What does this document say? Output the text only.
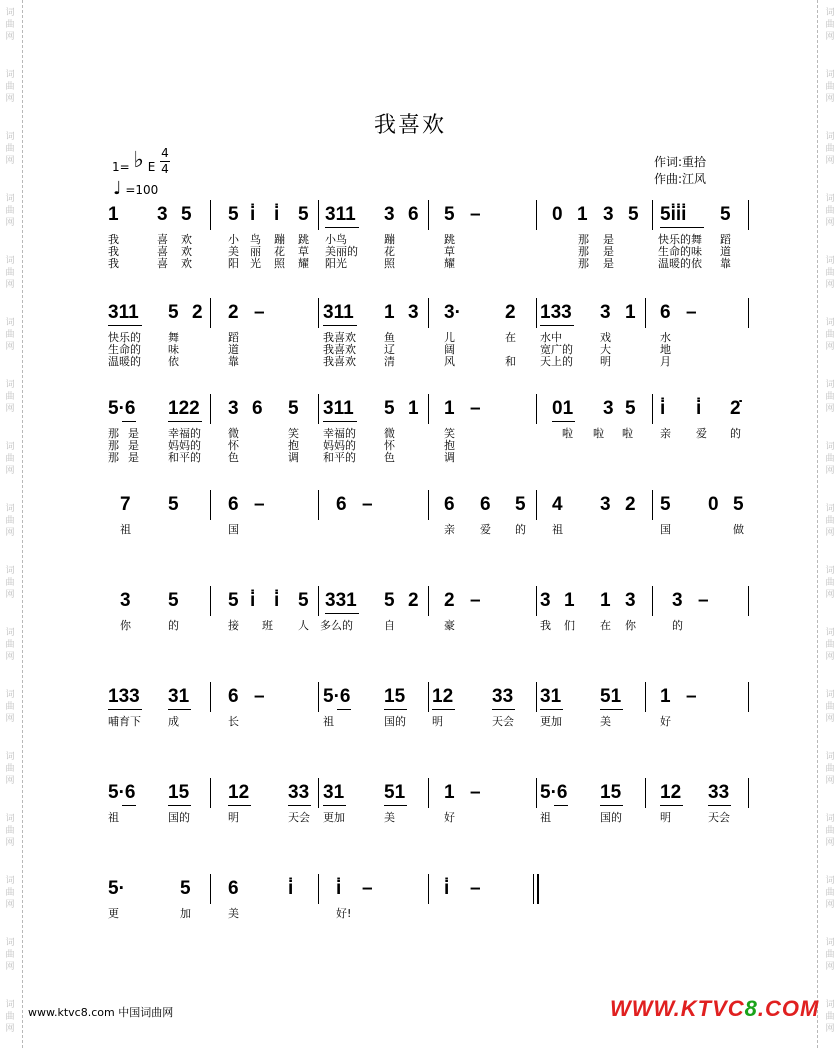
词
曲
网
词
曲
网
词
曲
网
词
曲
网
词
曲
网
词
曲
网
词
曲
网
词
曲
网
词
曲
网
词
曲
网
词
曲
网
词
曲
网
词
曲
网
词
曲
网
词
曲
网
词
曲
网
词
曲
网
词
曲
网
词
曲
网
词
曲
网
词
曲
网
词
曲
网
词
曲
网
词
曲
网
词
曲
网
词
曲
网
词
曲
网
词
曲
网
词
曲
网
词
曲
网
词
曲
网
词
曲
网
词
曲
网
词
曲
网
我喜欢
1= ♭ E
4
4
♩ =100
作词:重拾
作曲:江风
1 3 5 5 i̇ i̇ 5 311 3 6 5 –	0 1 3 5 5i̇i̇i̇ 5
我	喜 欢	小 鸟 蹦 跳 小鸟	蹦	跳	那 是	快乐的舞 蹈
我	喜 欢	美 丽 花 草 美丽的 花	草	那 是	生命的味 道
我	喜 欢	阳 光 照 耀 阳光	照	耀	那 是	温暖的依 靠
311 5 2 2 –	311 1 3 3· 2 133 3 1 6 –
快乐的 舞	蹈	我喜欢	鱼	儿	在 水中	戏	水
生命的 味	道	我喜欢	辽	阔	宽广的 大	地
温暖的 依	靠	我喜欢	清	风	和 天上的 明	月
5·6 122 3 6 5 311 5 1 1 –	01 3 5 i̇ i̇ 2̇
那 是	幸福的 微	笑 幸福的	微	笑	啦 啦 啦 亲 爱 的
那 是	妈妈的 怀	抱 妈妈的	怀	抱
那 是	和平的 色	调 和平的	色	调
7 5	6 –	6 –	6 6 5 4 3 2 5 0 5
祖	国	亲 爱 的 祖	国	做
3 5	5 i̇ i̇ 5 331 5 2 2 –	3 1 1 3 3 –
你	的	接 班 人 多么的	自	豪	我 们 在 你	的
133 31 6 –	5·6 15 12 33 31 51 1 –
哺育下 成	长	祖	国的 明	天会 更加	美	好
5·6 15 12 33 31 51 1 –	5·6 15 12 33
祖	国的	明	天会 更加	美	好	祖	国的	明	天会
5·	5 6	i̇ i̇ –	i̇ –
更	加	美	好!
www.ktvc8.com 中国词曲网	WWW.KTVC8.COM
